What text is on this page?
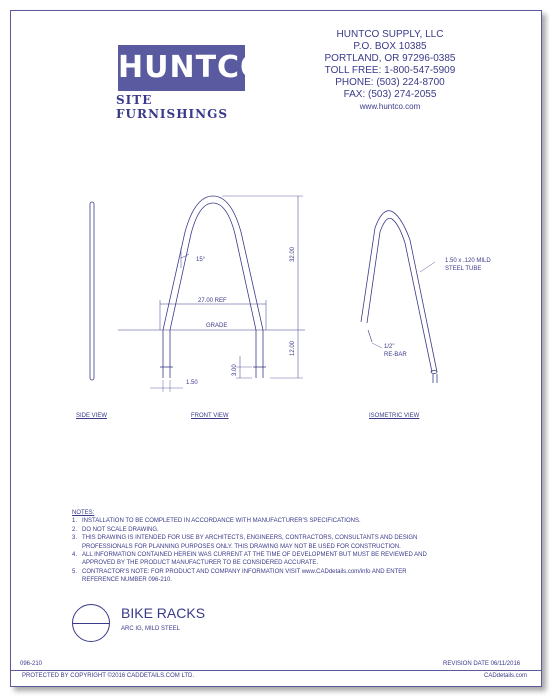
HUNTCO
SITE FURNISHINGS
HUNTCO SUPPLY, LLC
P.O. BOX 10385
PORTLAND, OR 97296-0385
TOLL FREE: 1-800-547-5909
PHONE: (503) 224-8700
FAX: (503) 274-2055
www.huntco.com
15°
27.00 REF
GRADE
32.00
12.00
3.00
1.50
1.50 x .120 MILD
STEEL TUBE
1/2"
RE-BAR
SIDE VIEW	FRONT VIEW	ISOMETRIC VIEW
NOTES:
1. INSTALLATION TO BE COMPLETED IN ACCORDANCE WITH MANUFACTURER'S SPECIFICATIONS.
2. DO NOT SCALE DRAWING.
3. THIS DRAWING IS INTENDED FOR USE BY ARCHITECTS, ENGINEERS, CONTRACTORS, CONSULTANTS AND DESIGN PROFESSIONALS FOR PLANNING PURPOSES ONLY. THIS DRAWING MAY NOT BE USED FOR CONSTRUCTION.
4. ALL INFORMATION CONTAINED HEREIN WAS CURRENT AT THE TIME OF DEVELOPMENT BUT MUST BE REVIEWED AND APPROVED BY THE PRODUCT MANUFACTURER TO BE CONSIDERED ACCURATE.
5. CONTRACTOR'S NOTE: FOR PRODUCT AND COMPANY INFORMATION VISIT www.CADdetails.com/info AND ENTER REFERENCE NUMBER 096-210.
BIKE RACKS
ARC IG, MILD STEEL
096-210	REVISION DATE 06/11/2016
PROTECTED BY COPYRIGHT ©2016 CADDETAILS.COM LTD.	CADdetails.com
